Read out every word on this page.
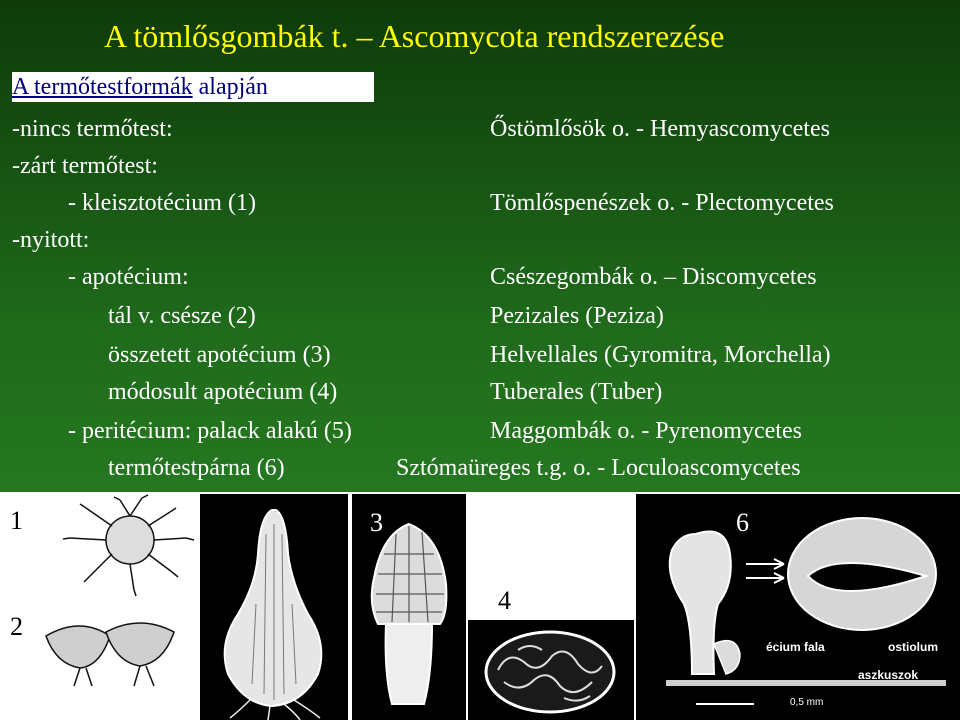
A tömlősgombák t. – Ascomycota rendszerezése
A termőtestformák alapján
-nincs termőtest:	Őstömlősök o. - Hemyascomycetes
-zárt termőtest:
- kleisztotécium (1)	Tömlőspenészek o. - Plectomycetes
-nyitott:
- apotécium:	Csészegombák o. – Discomycetes
tál v. csésze (2)	Pezizales (Peziza)
összetett apotécium (3)	Helvellales (Gyromitra, Morchella)
módosult apotécium (4)	Tuberales (Tuber)
- peritécium: palack alakú (5)	Maggombák o. - Pyrenomycetes
termőtestpárna (6)	Sztómaüreges t.g. o. - Loculoascomycetes
1
2
5 3
4
écium fala	ostiolum
aszkuszok
0,5 mm
6
